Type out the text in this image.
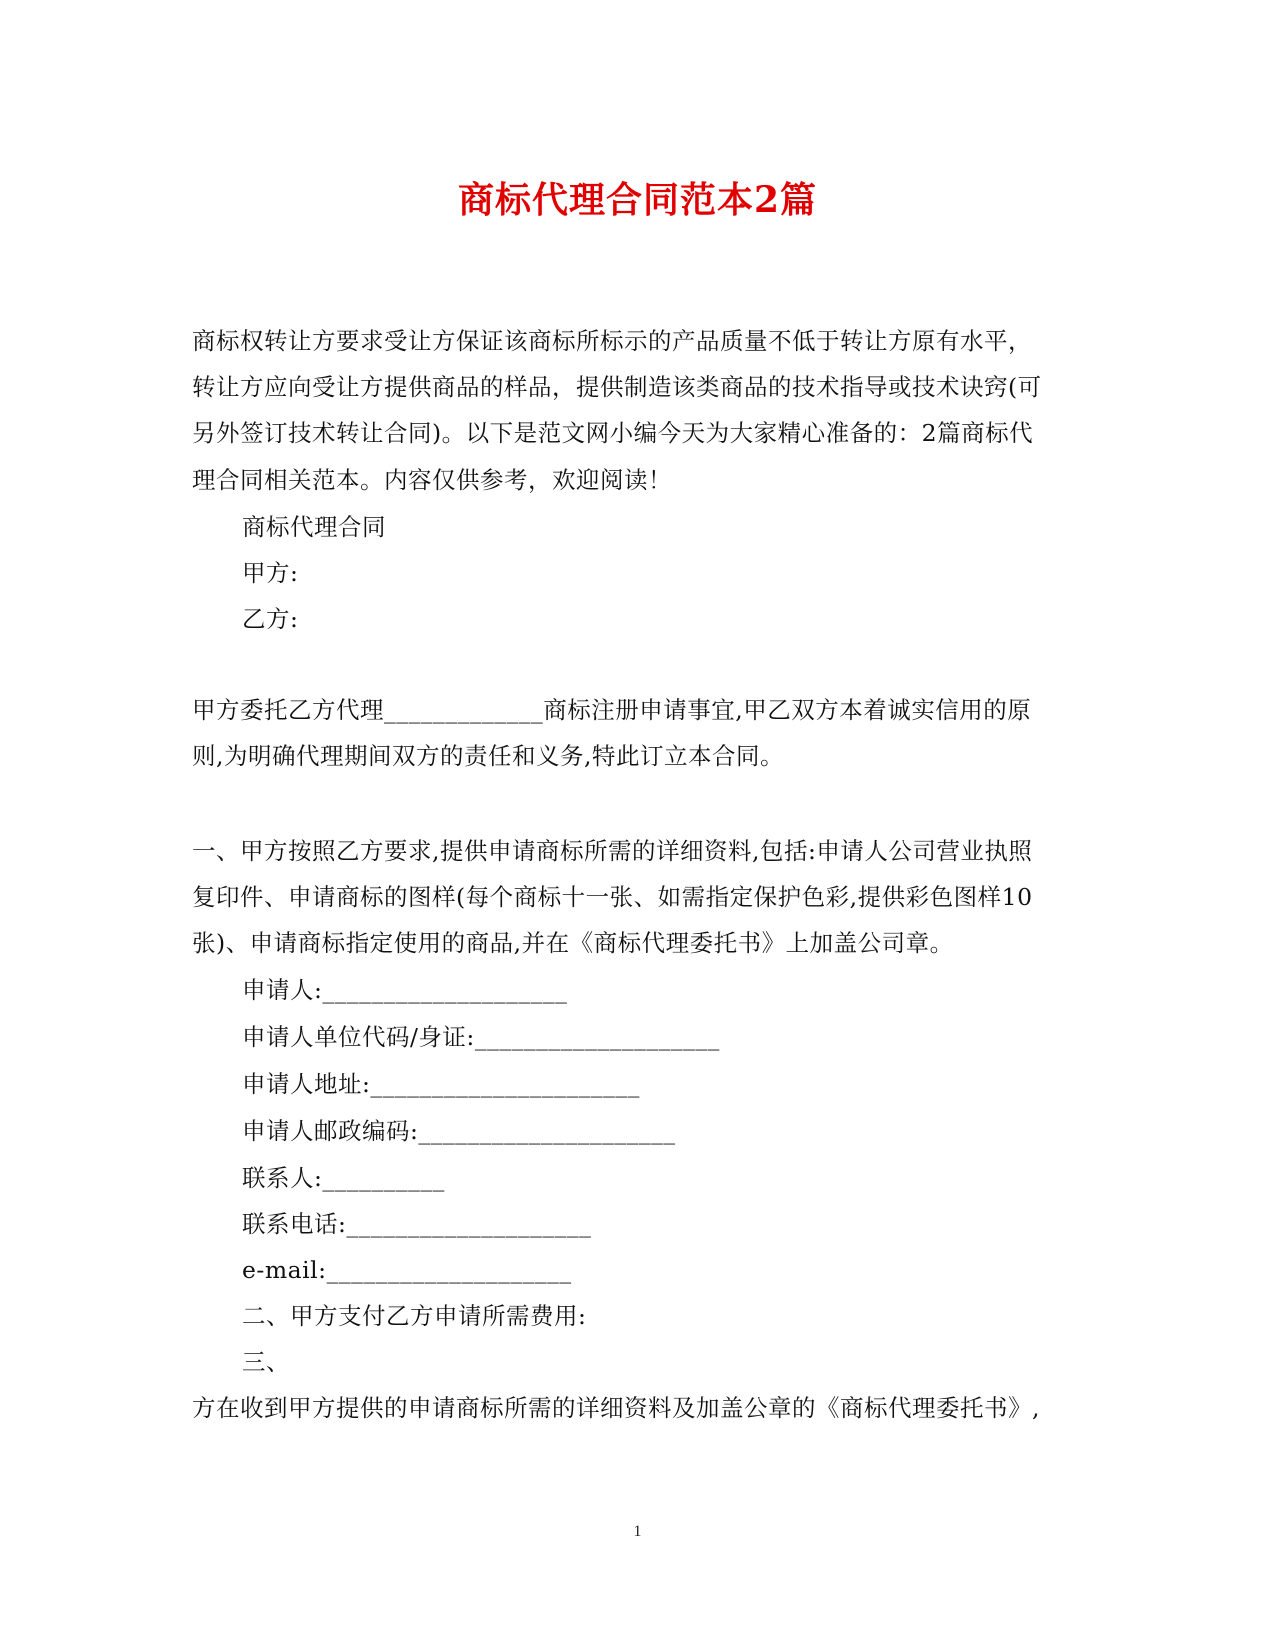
商标代理合同范本2篇
商标权转让方要求受让方保证该商标所标示的产品质量不低于转让方原有水平，
转让方应向受让方提供商品的样品，提供制造该类商品的技术指导或技术诀窍(可
另外签订技术转让合同)。以下是范文网小编今天为大家精心准备的：2篇商标代
理合同相关范本。内容仅供参考，欢迎阅读！
商标代理合同
甲方:
乙方:
甲方委托乙方代理_____________商标注册申请事宜,甲乙双方本着诚实信用的原
则,为明确代理期间双方的责任和义务,特此订立本合同。
一、甲方按照乙方要求,提供申请商标所需的详细资料,包括:申请人公司营业执照
复印件、申请商标的图样(每个商标十一张、如需指定保护色彩,提供彩色图样10
张)、申请商标指定使用的商品,并在《商标代理委托书》上加盖公司章。
申请人:____________________
申请人单位代码/身证:____________________
申请人地址:______________________
申请人邮政编码:_____________________
联系人:__________
联系电话:____________________
e-mail:____________________
二、甲方支付乙方申请所需费用:
三、
方在收到甲方提供的申请商标所需的详细资料及加盖公章的《商标代理委托书》,
1
